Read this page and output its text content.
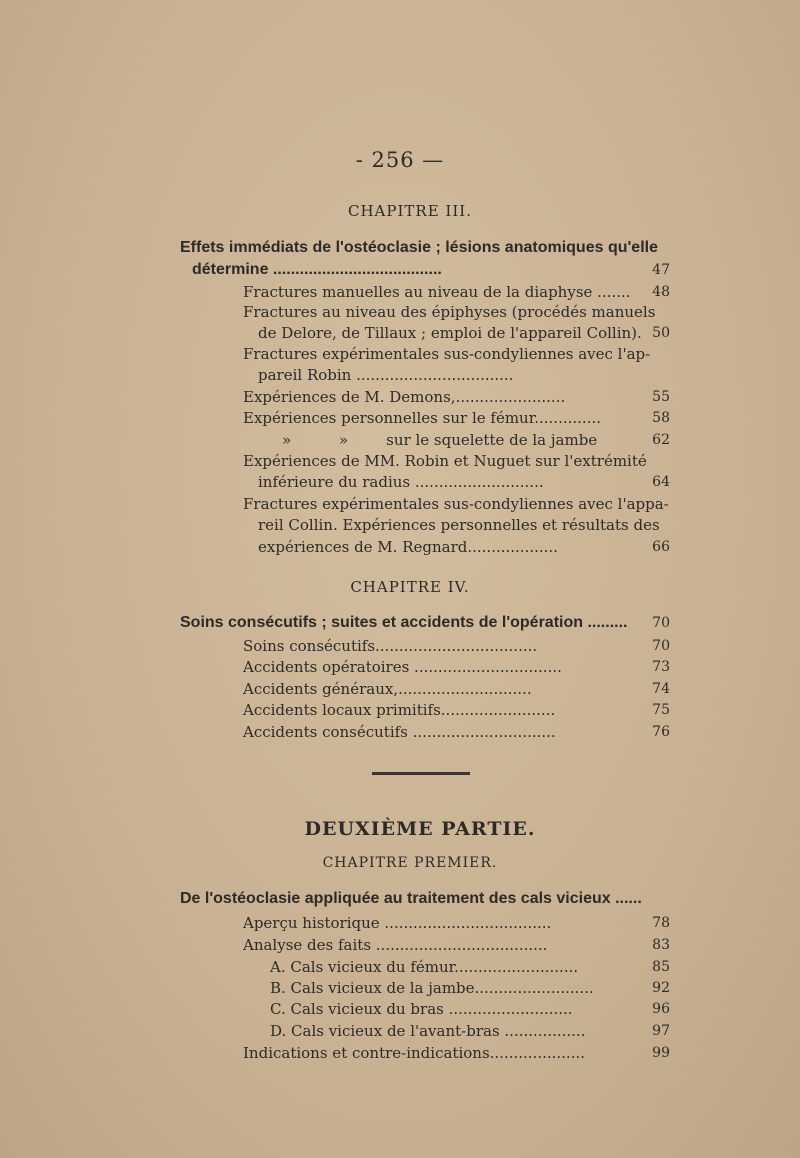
- 256 —
CHAPITRE III.
Effets immédiats de l'ostéoclasie ; lésions anatomiques qu'elle
détermine ......................................	47
Fractures manuelles au niveau de la diaphyse .......	48
Fractures au niveau des épiphyses (procédés manuels
de Delore, de Tillaux ; emploi de l'appareil Collin). 50
Fractures expérimentales sus-condyliennes avec l'ap-
pareil Robin .................................
Expériences de M. Demons,.......................	55
Expériences personnelles sur le fémur..............	58
»          »        sur le squelette de la jambe	62
Expériences de MM. Robin et Nuguet sur l'extrémité
inférieure du radius ...........................	64
Fractures expérimentales sus-condyliennes avec l'appa-
reil Collin. Expériences personnelles et résultats des
expériences de M. Regnard...................	66
CHAPITRE IV.
Soins consécutifs ; suites et accidents de l'opération .........	70
Soins consécutifs..................................	70
Accidents opératoires ...............................	73
Accidents généraux,............................	74
Accidents locaux primitifs........................	75
Accidents consécutifs ..............................	76
DEUXIÈME PARTIE.
CHAPITRE PREMIER.
De l'ostéoclasie appliquée au traitement des cals vicieux ......
Aperçu historique ...................................	78
Analyse des faits ....................................	83
A. Cals vicieux du fémur..........................	85
B. Cals vicieux de la jambe.........................	92
C. Cals vicieux du bras ..........................	96
D. Cals vicieux de l'avant-bras .................	97
Indications et contre-indications....................	99
